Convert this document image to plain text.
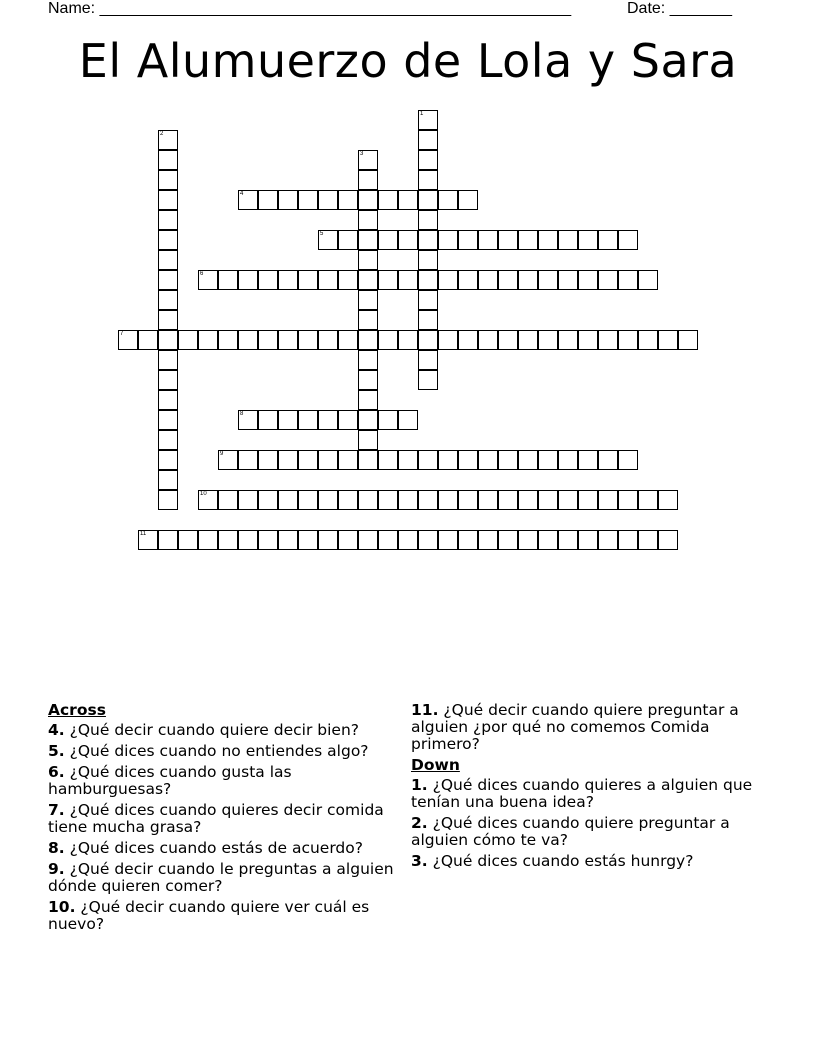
Name: _____________________________________________________	Date: _______
El Alumuerzo de Lola y Sara
1
2
3
4
5
6
7
8
9
10
11
Across
4. ¿Qué decir cuando quiere decir bien?
5. ¿Qué dices cuando no entiendes algo?
6. ¿Qué dices cuando gusta las hamburguesas?
7. ¿Qué dices cuando quieres decir comida tiene mucha grasa?
8. ¿Qué dices cuando estás de acuerdo?
9. ¿Qué decir cuando le preguntas a alguien dónde quieren comer?
10. ¿Qué decir cuando quiere ver cuál es nuevo?
11. ¿Qué decir cuando quiere preguntar a alguien ¿por qué no comemos Comida primero?
Down
1. ¿Qué dices cuando quieres a alguien que tenían una buena idea?
2. ¿Qué dices cuando quiere preguntar a alguien cómo te va?
3. ¿Qué dices cuando estás hunrgy?
